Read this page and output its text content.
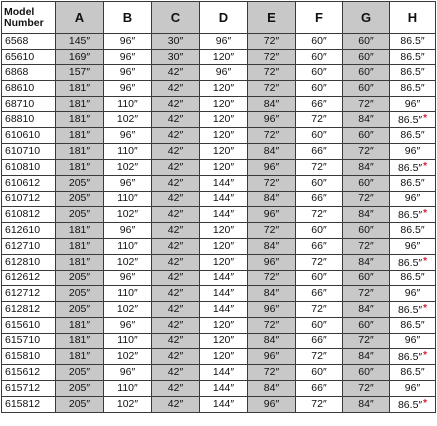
Model
Number	A	B	C	D	E	F	G	H
6568	145″	96″	30″	96″	72″	60″	60″	86.5″
65610	169″	96″	30″	120″	72″	60″	60″	86.5″
6868	157″	96″	42″	96″	72″	60″	60″	86.5″
68610	181″	96″	42″	120″	72″	60″	60″	86.5″
68710	181″	110″	42″	120″	84″	66″	72″	96″
68810	181″	102″	42″	120″	96″	72″	84″	86.5″*
610610	181″	96″	42″	120″	72″	60″	60″	86.5″
610710	181″	110″	42″	120″	84″	66″	72″	96″
610810	181″	102″	42″	120″	96″	72″	84″	86.5″*
610612	205″	96″	42″	144″	72″	60″	60″	86.5″
610712	205″	110″	42″	144″	84″	66″	72″	96″
610812	205″	102″	42″	144″	96″	72″	84″	86.5″*
612610	181″	96″	42″	120″	72″	60″	60″	86.5″
612710	181″	110″	42″	120″	84″	66″	72″	96″
612810	181″	102″	42″	120″	96″	72″	84″	86.5″*
612612	205″	96″	42″	144″	72″	60″	60″	86.5″
612712	205″	110″	42″	144″	84″	66″	72″	96″
612812	205″	102″	42″	144″	96″	72″	84″	86.5″*
615610	181″	96″	42″	120″	72″	60″	60″	86.5″
615710	181″	110″	42″	120″	84″	66″	72″	96″
615810	181″	102″	42″	120″	96″	72″	84″	86.5″*
615612	205″	96″	42″	144″	72″	60″	60″	86.5″
615712	205″	110″	42″	144″	84″	66″	72″	96″
615812	205″	102″	42″	144″	96″	72″	84″	86.5″*
